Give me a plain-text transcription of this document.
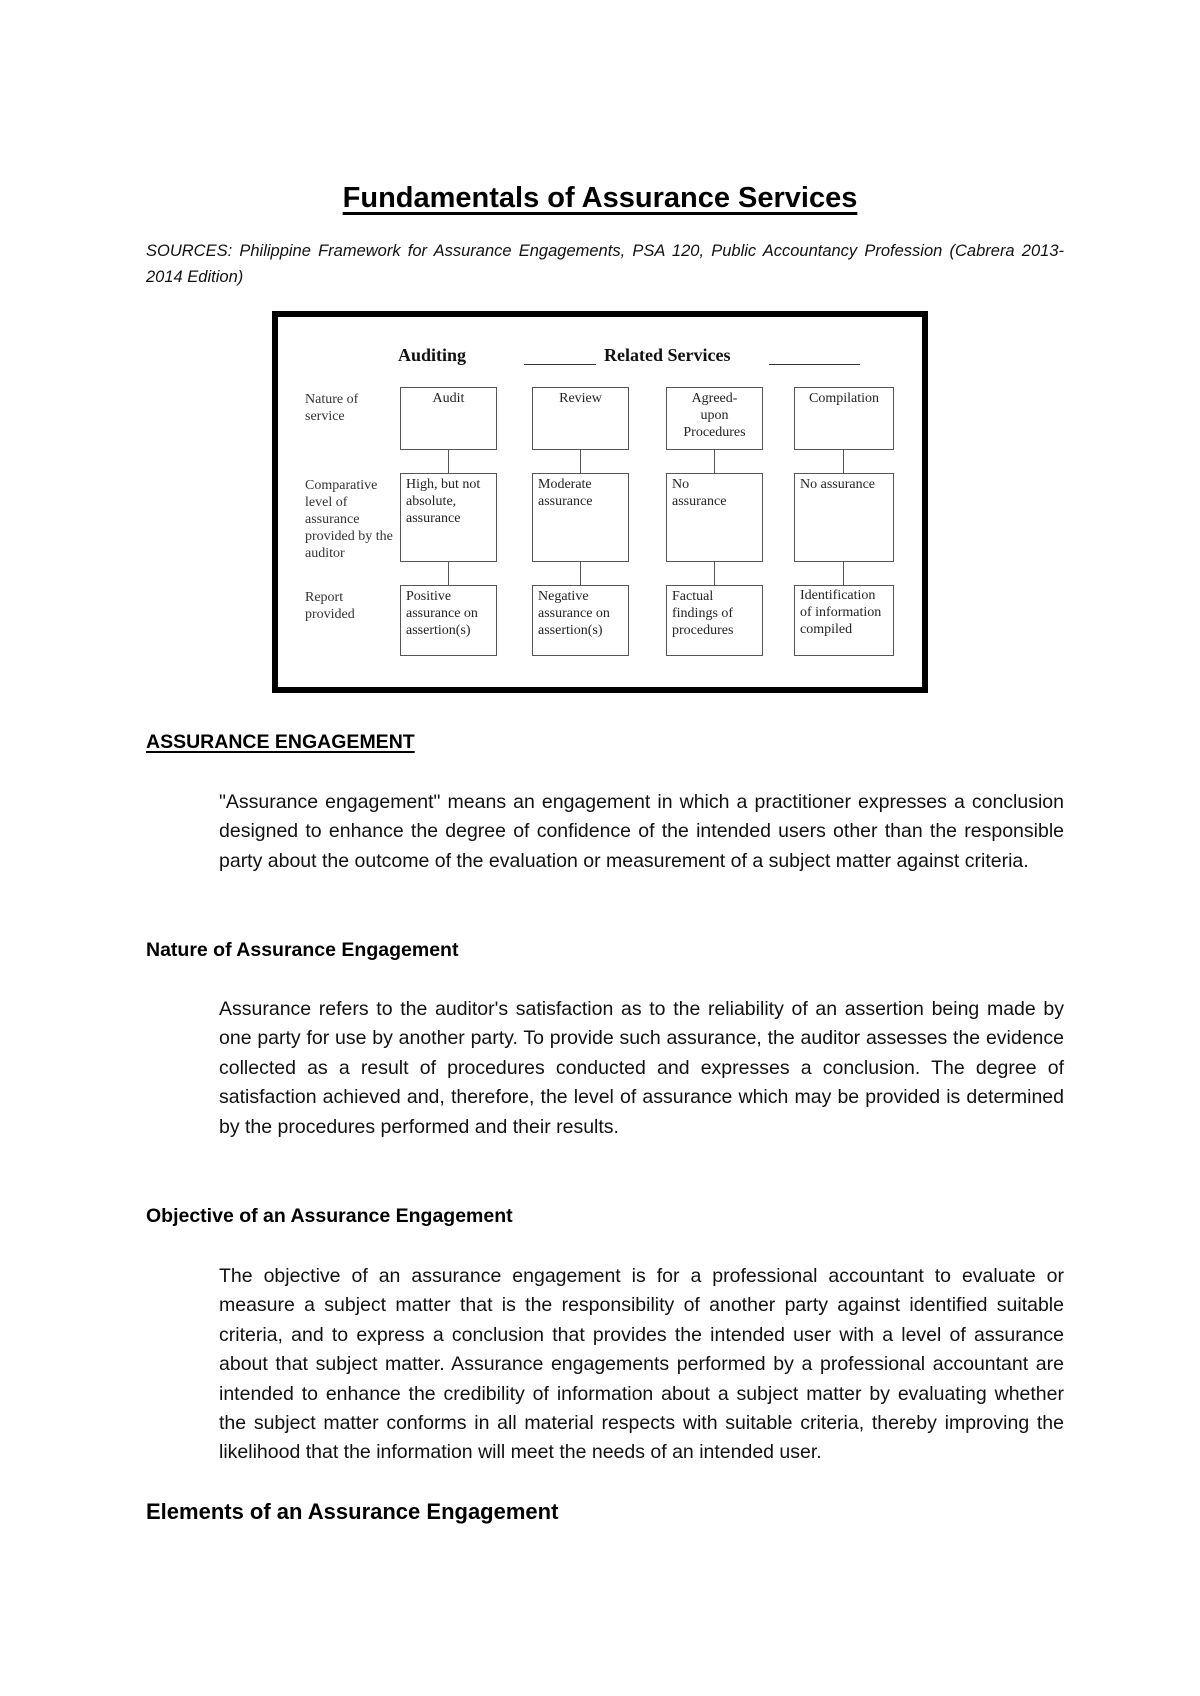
Fundamentals of Assurance Services
SOURCES: Philippine Framework for Assurance Engagements, PSA 120, Public Accountancy Profession (Cabrera 2013-2014 Edition)
Auditing	Related Services
Nature of service
Comparative level of assurance provided by the auditor
Report provided
Audit
High, but not absolute, assurance
Positive assurance on assertion(s)
Review
Moderate assurance
Negative assurance on assertion(s)
Agreed-upon Procedures
No assurance
Factual findings of procedures
Compilation
No assurance
Identification of information compiled
ASSURANCE ENGAGEMENT
"Assurance engagement" means an engagement in which a practitioner expresses a conclusion designed to enhance the degree of confidence of the intended users other than the responsible party about the outcome of the evaluation or measurement of a subject matter against criteria.
Nature of Assurance Engagement
Assurance refers to the auditor's satisfaction as to the reliability of an assertion being made by one party for use by another party. To provide such assurance, the auditor assesses the evidence collected as a result of procedures conducted and expresses a conclusion. The degree of satisfaction achieved and, therefore, the level of assurance which may be provided is determined by the procedures performed and their results.
Objective of an Assurance Engagement
The objective of an assurance engagement is for a professional accountant to evaluate or measure a subject matter that is the responsibility of another party against identified suitable criteria, and to express a conclusion that provides the intended user with a level of assurance about that subject matter. Assurance engagements performed by a professional accountant are intended to enhance the credibility of information about a subject matter by evaluating whether the subject matter conforms in all material respects with suitable criteria, thereby improving the likelihood that the information will meet the needs of an intended user.
Elements of an Assurance Engagement
